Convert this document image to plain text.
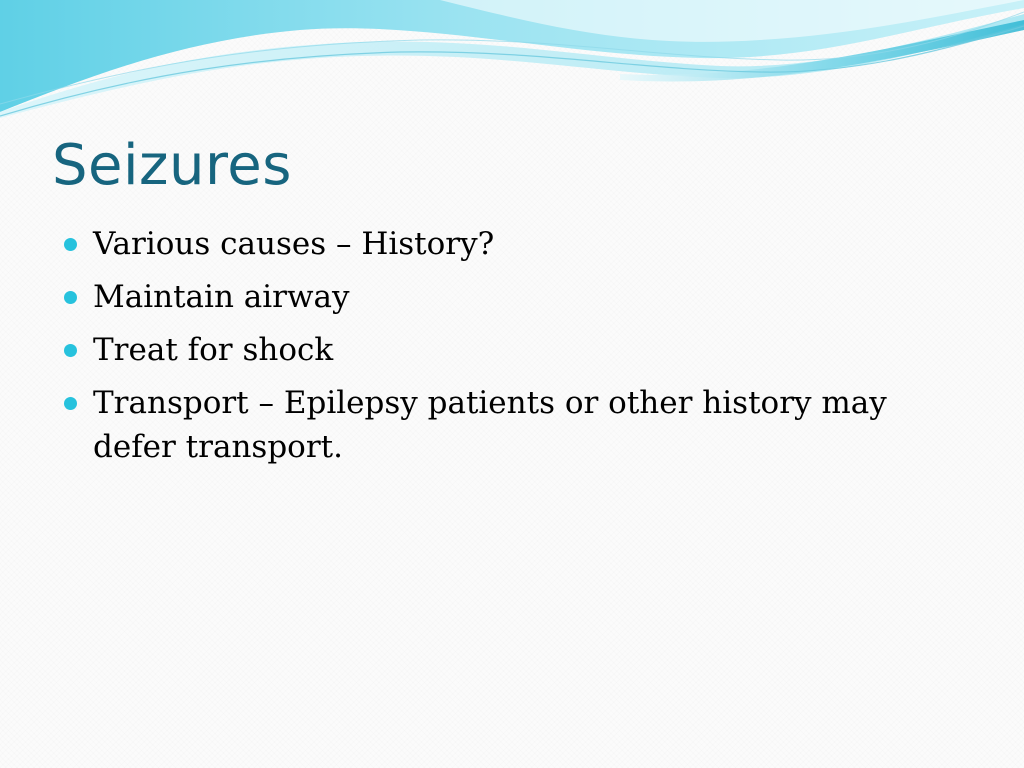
Seizures
Various causes – History?
Maintain airway
Treat for shock
Transport – Epilepsy patients or other history may defer transport.
